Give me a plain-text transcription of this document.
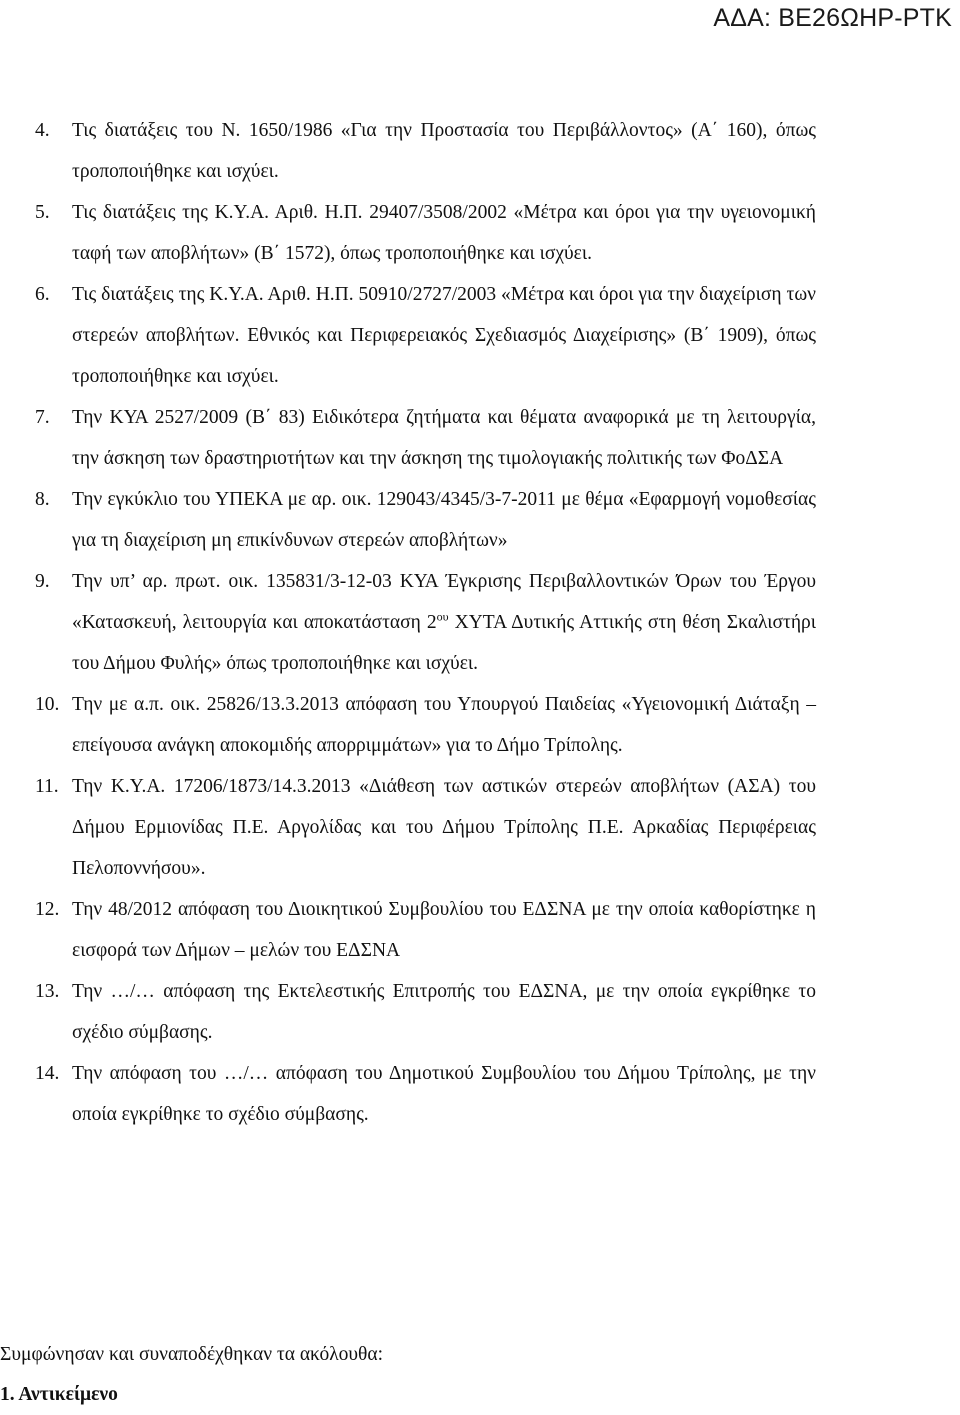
ΑΔΑ: ΒΕ26ΩΗΡ-ΡΤΚ
4. Τις διατάξεις του Ν. 1650/1986 «Για την Προστασία του Περιβάλλοντος» (Α΄ 160), όπως τροποποιήθηκε και ισχύει.
5. Τις διατάξεις της Κ.Υ.Α. Αριθ. Η.Π. 29407/3508/2002 «Μέτρα και όροι για την υγειονομική ταφή των αποβλήτων» (Β΄ 1572), όπως τροποποιήθηκε και ισχύει.
6. Τις διατάξεις της Κ.Υ.Α. Αριθ. Η.Π. 50910/2727/2003 «Μέτρα και όροι για την διαχείριση των στερεών αποβλήτων. Εθνικός και Περιφερειακός Σχεδιασμός Διαχείρισης» (Β΄ 1909), όπως τροποποιήθηκε και ισχύει.
7. Την ΚΥΑ 2527/2009 (Β΄ 83) Ειδικότερα ζητήματα και θέματα αναφορικά με τη λειτουργία, την άσκηση των δραστηριοτήτων και την άσκηση της τιμολογιακής πολιτικής των ΦοΔΣΑ
8. Την εγκύκλιο του ΥΠΕΚΑ με αρ. οικ. 129043/4345/3-7-2011 με θέμα «Εφαρμογή νομοθεσίας για τη διαχείριση μη επικίνδυνων στερεών αποβλήτων»
9. Την υπ’ αρ. πρωτ. οικ. 135831/3-12-03 ΚΥΑ Έγκρισης Περιβαλλοντικών Όρων του Έργου «Κατασκευή, λειτουργία και αποκατάσταση $2^{o\upsilon}$ ΧΥΤΑ Δυτικής Αττικής στη θέση Σκαλιστήρι του Δήμου Φυλής» όπως τροποποιήθηκε και ισχύει.
10. Την με α.π. οικ. 25826/13.3.2013 απόφαση του Υπουργού Παιδείας «Υγειονομική Διάταξη – επείγουσα ανάγκη αποκομιδής απορριμμάτων» για το Δήμο Τρίπολης.
11. Την Κ.Υ.Α. 17206/1873/14.3.2013 «Διάθεση των αστικών στερεών αποβλήτων (ΑΣΑ) του Δήμου Ερμιονίδας Π.Ε. Αργολίδας και του Δήμου Τρίπολης Π.Ε. Αρκαδίας Περιφέρειας Πελοποννήσου».
12. Την 48/2012 απόφαση του Διοικητικού Συμβουλίου του ΕΔΣΝΑ με την οποία καθορίστηκε η εισφορά των Δήμων – μελών του ΕΔΣΝΑ
13. Την …/… απόφαση της Εκτελεστικής Επιτροπής του ΕΔΣΝΑ, με την οποία εγκρίθηκε το σχέδιο σύμβασης.
14. Την απόφαση του …/… απόφαση του Δημοτικού Συμβουλίου του Δήμου Τρίπολης, με την οποία εγκρίθηκε το σχέδιο σύμβασης.
Συμφώνησαν και συναποδέχθηκαν τα ακόλουθα:
1. Αντικείμενο
